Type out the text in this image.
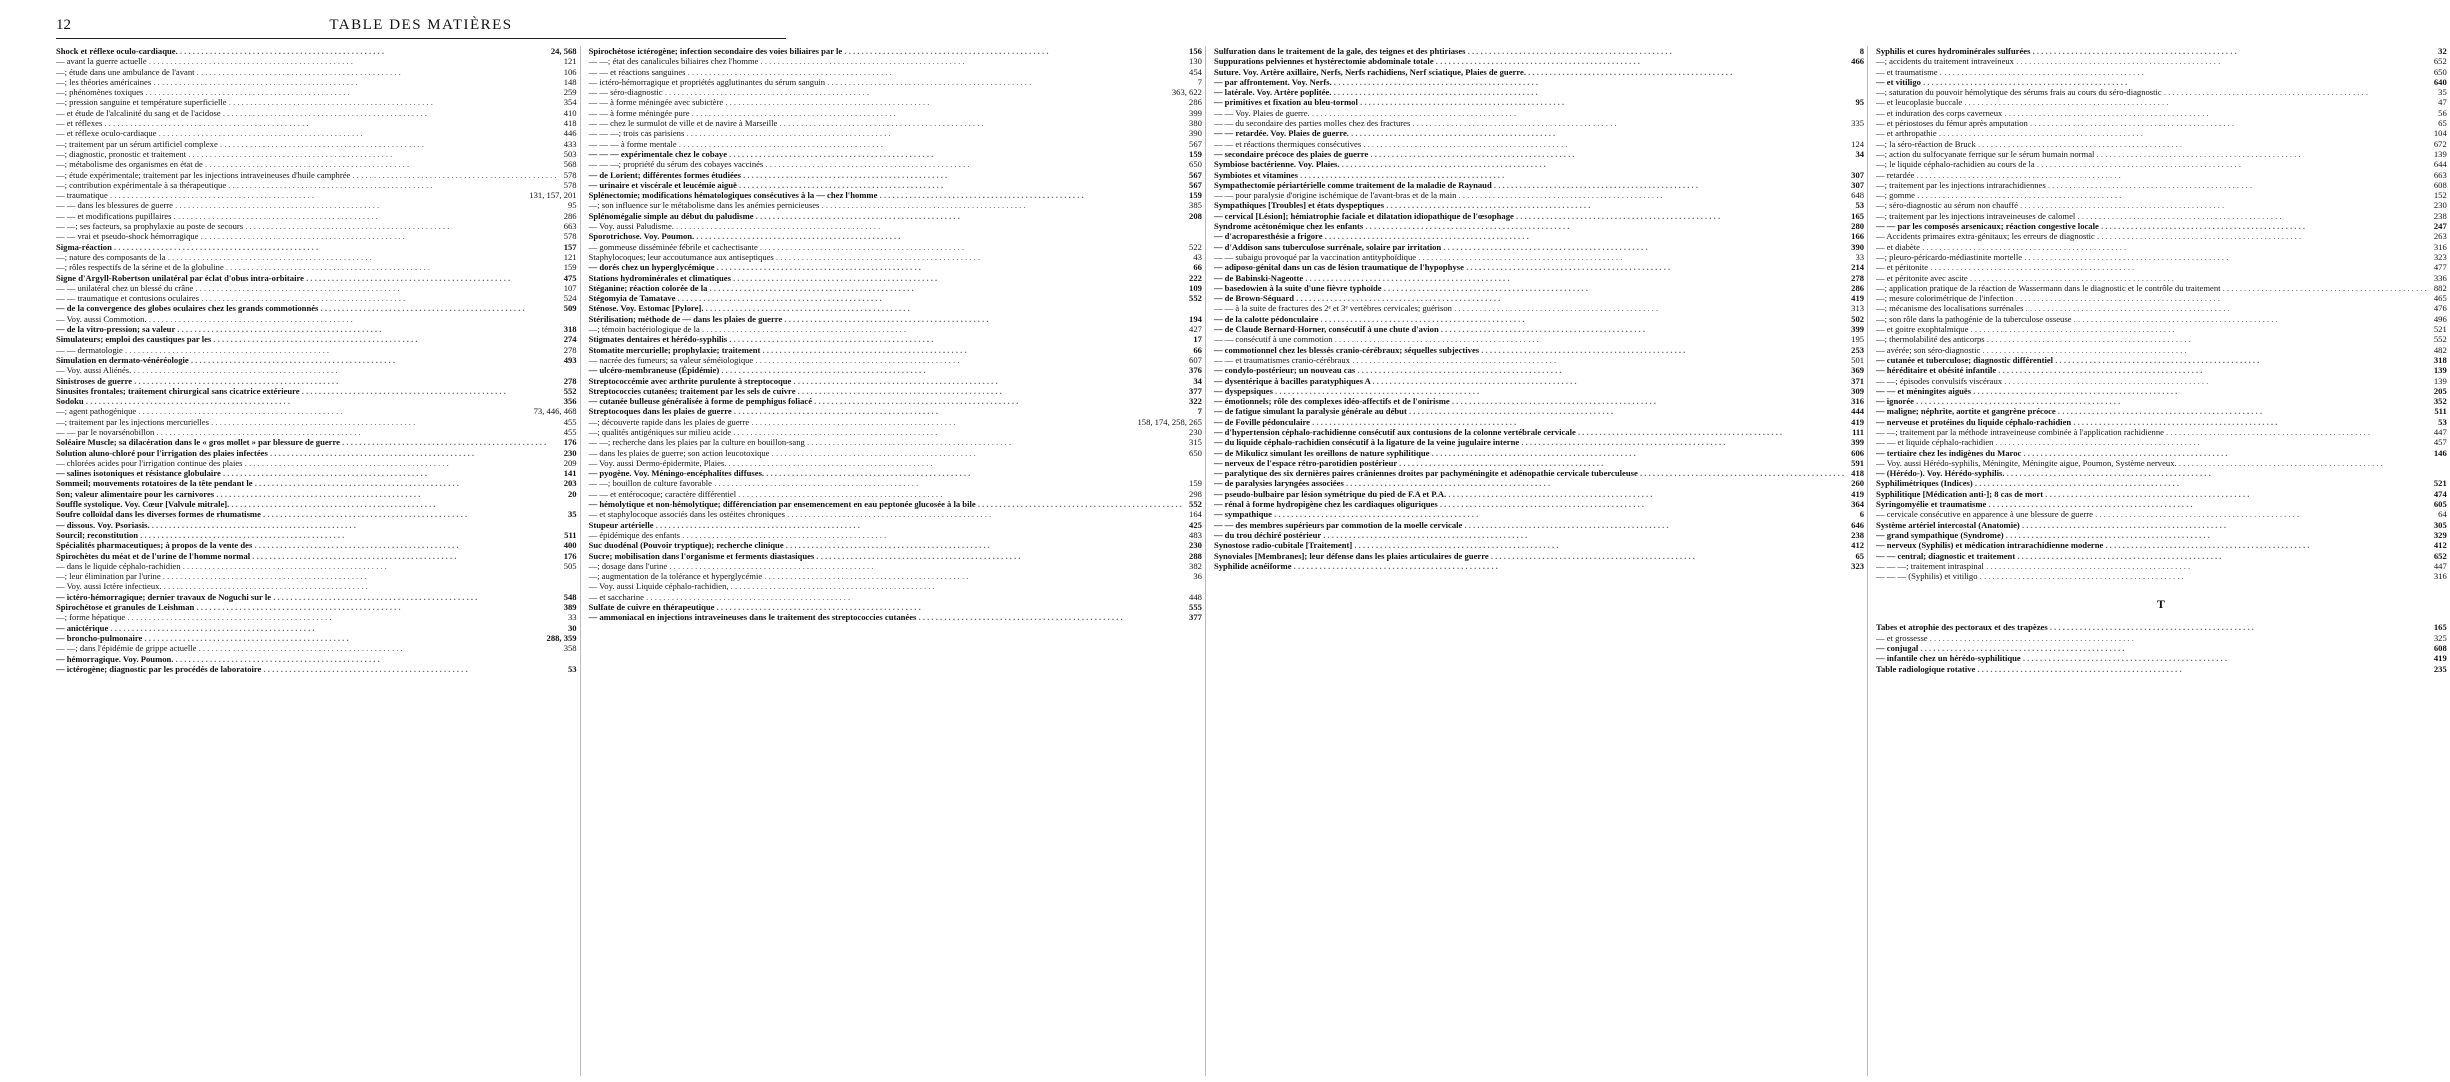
12	TABLE DES MATIÈRES
Shock et réflexe oculo-cardiaque. . . .	24, 568
— avant la guerre actuelle . . .	121
—; étude dans une ambulance de l'avant . . .	106
—; les théories américaines . . .	148
—; phénomènes toxiques . . .	259
—; pression sanguine et température superficielle . . .	354
— et étude de l'alcalinité du sang et de l'acidose . . .	410
— et réflexes . . .	418
— et réflexe oculo-cardiaque . . .	446
—; traitement par un sérum artificiel complexe . . .	433
—; diagnostic, pronostic et traitement . . .	503
—; métabolisme des organismes en état de . . .	568
—; étude expérimentale; traitement par les injections intraveineuses d'huile camphrée . . .	578
—; contribution expérimentale à sa thérapeutique . . .	578
— traumatique . . .	131, 157, 201
— — dans les blessures de guerre . . .	95
— — et modifications pupillaires . . .	286
— —; ses facteurs, sa prophylaxie au poste de secours . . .	663
— — vrai et pseudo-shock hémorragique . . .	578
Sigma-réaction . . .	157
—; nature des composants de la . . .	121
—; rôles respectifs de la sérine et de la globuline . . .	159
Signe d'Argyll-Robertson unilatéral par éclat d'obus intra-orbitaire . . .	475
— — unilatéral chez un blessé du crâne . . .	107
— — traumatique et contusions oculaires . . .	524
— de la convergence des globes oculaires chez les grands commotionnés . . .	509
— Voy. aussi Commotion. . . .
— de la vitro-pression; sa valeur . . .	318
Simulateurs; emploi des caustiques par les . . .	274
— — dermatologie . . .	278
Simulation en dermato-vénéréologie . . .	493
— Voy. aussi Aliénés. . . .
Sinistroses de guerre . . .	278
Sinusites frontales; traitement chirurgical sans cicatrice extérieure . . .	552
Sodoku . . .	356
—; agent pathogénique . . .	73, 446, 468
—; traitement par les injections mercurielles . . .	455
— — par le novarsénobillon . . .	455
Soléaire Muscle; sa dilacération dans le « gros mollet » par blessure de guerre . . .	176
Solution aluno-chloré pour l'irrigation des plaies infectées . . .	230
— chlorées acides pour l'irrigation continue des plaies . . .	209
— salines isotoniques et résistance globulaire . . .	141
Sommeil; mouvements rotatoires de la tête pendant le . . .	203
Son; valeur alimentaire pour les carnivores . . .	20
Souffle systolique. Voy. Cœur [Valvule mitrale]. . . .
Soufre colloïdal dans les diverses formes de rhumatisme . . .	35
— dissous. Voy. Psoriasis. . . .
Sourcil; reconstitution . . .	511
Spécialités pharmaceutiques; à propos de la vente des . . .	400
Spirochètes du méat et de l'urine de l'homme normal . . .	176
— dans le liquide céphalo-rachidien . . .	505
—; leur élimination par l'urine . . .
— Voy. aussi Ictère infectieux. . . .
— ictéro-hémorragique; dernier travaux de Noguchi sur le . . .	548
Spirochétose et granules de Leishman . . .	389
—; forme hépatique . . .	33
— anictérique . . .	30
— broncho-pulmonaire . . .	288, 359
— —; dans l'épidémie de grippe actuelle . . .	358
— hémorragique. Voy. Poumon. . . .
— ictérogène; diagnostic par les procédés de laboratoire . . .	53
Spirochétose ictérogène; infection secondaire des voies biliaires par le . . .	156
— —; état des canalicules biliaires chez l'homme . . .	130
— — et réactions sanguines . . .	454
— ictéro-hémorragique et propriétés agglutinantes du sérum sanguin . . .	7
— — séro-diagnostic . . .	363, 622
— — à forme méningée avec subictère . . .	286
— — à forme méningée pure . . .	399
— — chez le surmulot de ville et de navire à Marseille . . .	380
— — —; trois cas parisiens . . .	390
— — — à forme mentale . . .	567
— — — expérimentale chez le cobaye . . .	159
— — —; propriété du sérum des cobayes vaccinés . . .	650
— de Lorient; différentes formes étudiées . . .	567
— urinaire et viscérale et leucémie aiguë . . .	567
Splénectomie; modifications hématologiques consécutives à la — chez l'homme . . .	159
—; son influence sur le métabolisme dans les anémies pernicieuses . . .	385
Splénomégalie simple au début du paludisme . . .	208
— Voy. aussi Paludisme. . . .
Sporotrichose. Voy. Poumon. . . .
— gommeuse disséminée fébrile et cachectisante . . .	522
Staphylocoques; leur accoutumance aux antiseptiques . . .	43
— dorés chez un hyperglycémique . . .	66
Stations hydrominérales et climatiques . . .	222
Stéganine; réaction colorée de la . . .	109
Stégomyia de Tamatave . . .	552
Sténose. Voy. Estomac [Pylore]. . . .
Stérilisation; méthode de — dans les plaies de guerre . . .	194
—; témoin bactériologique de la . . .	427
Stigmates dentaires et hérédo-syphilis . . .	17
Stomatite mercurielle; prophylaxie; traitement . . .	66
— nacrée des fumeurs; sa valeur séméiologique . . .	607
— ulcéro-membraneuse (Épidémie) . . .	376
Streptococcémie avec arthrite purulente à streptocoque . . .	34
Streptococcies cutanées; traitement par les sels de cuivre . . .	377
— cutanée bulleuse généralisée à forme de pemphigus foliacé . . .	322
Streptocoques dans les plaies de guerre . . .	7
—; découverte rapide dans les plaies de guerre . . .	158, 174, 258, 265
—; qualités antigéniques sur milieu acide . . .	230
— —; recherche dans les plaies par la culture en bouillon-sang . . .	315
— dans les plaies de guerre; son action leucotoxique . . .	650
— Voy. aussi Dermo-épidermite, Plaies. . . .
— pyogène. Voy. Méningo-encéphalites diffuses. . . .
— —; bouillon de culture favorable . . .	159
— — et entérocoque; caractère différentiel . . .	298
— hémolytique et non-hémolytique; différenciation par ensemencement en eau peptonée glucosée à la bile . . .	552
— et staphylocoque associés dans les ostéites chroniques . . .	164
Stupeur artérielle . . .	425
— épidémique des enfants . . .	483
Suc duodénal (Pouvoir tryptique); recherche clinique . . .	230
Sucre; mobilisation dans l'organisme et ferments diastasiques . . .	288
—; dosage dans l'urine . . .	382
—; augmentation de la tolérance et hyperglycémie . . .	36
— Voy. aussi Liquide céphalo-rachidien, . . .
— et saccharine . . .	448
Sulfate de cuivre en thérapeutique . . .	555
— ammoniacal en injections intraveineuses dans le traitement des streptococcies cutanées . . .	377
Sulfuration dans le traitement de la gale, des teignes et des phtiriases . . .	8
Suppurations pelviennes et hystérectomie abdominale totale . . .	466
Suture. Voy. Artère axillaire, Nerfs, Nerfs rachidiens, Nerf sciatique, Plaies de guerre. . . .
— par affrontement. Voy. Nerfs. . . .
— latérale. Voy. Artère poplitée. . . .
— primitives et fixation au bleu-tormol . . .	95
— — Voy. Plaies de guerre. . . .
— — du secondaire des parties molles chez des fractures . . .	335
— — retardée. Voy. Plaies de guerre. . . .
— — et réactions thermiques consécutives . . .	124
— secondaire précoce des plaies de guerre . . .	34
Symbiose bactérienne. Voy. Plaies. . . .
Symbiotes et vitamines . . .	307
Sympathectomie périartérielle comme traitement de la maladie de Raynaud . . .	307
— — pour paralysie d'origine ischémique de l'avant-bras et de la main . . .	648
Sympathiques [Troubles] et états dyspeptiques . . .	53
— cervical [Lésion]; hémiatrophie faciale et dilatation idiopathique de l'œsophage . . .	165
Syndrome acétonémique chez les enfants . . .	280
— d'acroparesthésie a frigore . . .	166
— d'Addison sans tuberculose surrénale, solaire par irritation . . .	390
— — subaigu provoqué par la vaccination antityphoïdique . . .	33
— adiposo-génital dans un cas de lésion traumatique de l'hypophyse . . .	214
— de Babinski-Nageotte . . .	278
— basedowien à la suite d'une fièvre typhoïde . . .	286
— de Brown-Séquard . . .	419
— — à la suite de fractures des 2ᵉ et 3ᵉ vertèbres cervicales; guérison . . .	313
— de la calotte pédonculaire . . .	502
— de Claude Bernard-Horner, consécutif à une chute d'avion . . .	399
— — consécutif à une commotion . . .	195
— commotionnel chez les blessés cranio-cérébraux; séquelles subjectives . . .	253
— — et traumatismes cranio-cérébraux . . .	501
— condylo-postérieur; un nouveau cas . . .	369
— dysentérique à bacilles paratyphiques A . . .	371
— dyspepsiques . . .	309
— émotionnels; rôle des complexes idéo-affectifs et de l'onirisme . . .	316
— de fatigue simulant la paralysie générale au début . . .	444
— de Foville pédonculaire . . .	419
— d'hypertension céphalo-rachidienne consécutif aux contusions de la colonne vertébrale cervicale . . .	111
— du liquide céphalo-rachidien consécutif à la ligature de la veine jugulaire interne . . .	399
— de Mikulicz simulant les oreillons de nature syphilitique . . .	606
— nerveux de l'espace rétro-parotidien postérieur . . .	591
— paralytique des six dernières paires crâniennes droites par pachyméningite et adénopathie cervicale tuberculeuse . . .	418
— de paralysies laryngées associées . . .	260
— pseudo-bulbaire par lésion symétrique du pied de F.A et P.A. . . .	419
— rénal à forme hydropigène chez les cardiaques oliguriques . . .	364
— sympathique . . .	6
— — des membres supérieurs par commotion de la moelle cervicale . . .	646
— du trou déchiré postérieur . . .	238
Synostose radio-cubitale [Traitement] . . .	412
Synoviales [Membranes]; leur défense dans les plaies articulaires de guerre . . .	65
Syphilide acnéiforme . . .	323
Syphilis et cures hydrominérales sulfurées . . .	32
—; accidents du traitement intraveineux . . .	652
— et traumatisme . . .	650
— et vitiligo . . .	640
—; saturation du pouvoir hémolytique des sérums frais au cours du séro-diagnostic . . .	35
— et leucoplasie buccale . . .	47
— et induration des corps caverneux . . .	56
— et périostoses du fémur après amputation . . .	65
— et arthropathie . . .	104
—; la séro-réaction de Bruck . . .	672
—; action du sulfocyanate ferrique sur le sérum humain normal . . .	139
—; le liquide céphalo-rachidien au cours de la . . .	644
— retardée . . .	663
—; traitement par les injections intrarachidiennes . . .	608
—; gomme . . .	152
—; séro-diagnostic au sérum non chauffé . . .	230
—; traitement par les injections intraveineuses de calomel . . .	238
— — par les composés arsenicaux; réaction congestive locale . . .	247
— Accidents primaires extra-génitaux; les erreurs de diagnostic . . .	263
— et diabète . . .	316
—; pleuro-péricardo-médiastinite mortelle . . .	323
— et péritonite . . .	477
— et péritonite avec ascite . . .	336
—; application pratique de la réaction de Wassermann dans le diagnostic et le contrôle du traitement . . .	882
—; mesure colorimétrique de l'infection . . .	465
—; mécanisme des localisations surrénales . . .	476
—; son rôle dans la pathogénie de la tuberculose osseuse . . .	496
— et goitre exophtalmique . . .	521
—; thermolabilité des anticorps . . .	552
— avérée; son séro-diagnostic . . .	482
— cutanée et tuberculose; diagnostic différentiel . . .	318
— héréditaire et obésité infantile . . .	139
— —; épisodes convulsifs viscéraux . . .	139
— — et méningites aiguës . . .	205
— ignorée . . .	352
— maligne; néphrite, aortite et gangrène précoce . . .	511
— nerveuse et protéines du liquide céphalo-rachidien . . .	53
— —; traitement par la méthode intraveineuse combinée à l'application rachidienne . . .	447
— — et liquide céphalo-rachidien . . .	457
— tertiaire chez les indigènes du Maroc . . .	146
— Voy. aussi Hérédo-syphilis, Méningite, Méningite aigue, Poumon, Système nerveux. . . .
— (Hérédo-). Voy. Hérédo-syphilis. . . .
Syphilimétriques (Indices) . . .	521
Syphilitique [Médication anti-]; 8 cas de mort . . .	474
Syringomyélie et traumatisme . . .	605
— cervicale consécutive en apparence à une blessure de guerre . . .	64
Système artériel intercostal (Anatomie) . . .	305
— grand sympathique (Syndrome) . . .	329
— nerveux (Syphilis) et médication intrarachidienne moderne . . .	412
— — central; diagnostic et traitement . . .	652
— — —; traitement intraspinal . . .	447
— — — (Syphilis) et vitiligo . . .	316
T
Tabes et atrophie des pectoraux et des trapèzes . . .	165
— et grossesse . . .	325
— conjugal . . .	608
— infantile chez un hérédo-syphilitique . . .	419
Table radiologique rotative . . .	235
